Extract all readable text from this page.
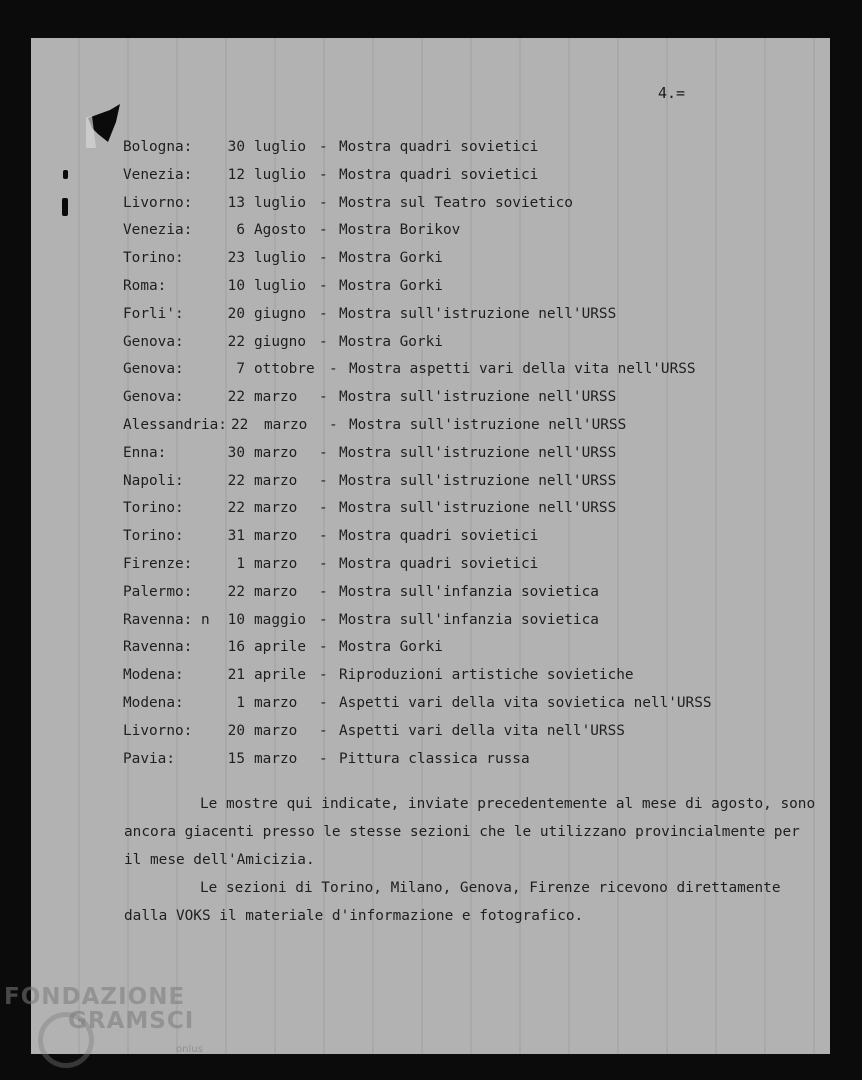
4.=
Bologna:	30 luglio - Mostra quadri sovietici
Venezia:	12 luglio - Mostra quadri sovietici
Livorno:	13 luglio - Mostra sul Teatro sovietico
Venezia:	6 Agosto - Mostra Borikov
Torino:	23 luglio - Mostra Gorki
Roma:	10 luglio - Mostra Gorki
Forli':	20 giugno - Mostra sull'istruzione nell'URSS
Genova:	22 giugno - Mostra Gorki
Genova:	7 ottobre - Mostra aspetti vari della vita nell'URSS
Genova:	22 marzo - Mostra sull'istruzione nell'URSS
Alessandria: 22	marzo - Mostra sull'istruzione nell'URSS
Enna:	30 marzo - Mostra sull'istruzione nell'URSS
Napoli:	22 marzo - Mostra sull'istruzione nell'URSS
Torino:	22 marzo - Mostra sull'istruzione nell'URSS
Torino:	31 marzo - Mostra quadri sovietici
Firenze:	1 marzo - Mostra quadri sovietici
Palermo:	22 marzo - Mostra sull'infanzia sovietica
Ravenna: n	10 maggio - Mostra sull'infanzia sovietica
Ravenna:	16 aprile - Mostra Gorki
Modena:	21 aprile - Riproduzioni artistiche sovietiche
Modena:	1 marzo - Aspetti vari della vita sovietica nell'URSS
Livorno:	20 marzo - Aspetti vari della vita nell'URSS
Pavia:	15 marzo - Pittura classica russa

Le mostre qui indicate, inviate precedentemente al mese di agosto, sono ancora giacenti presso le stesse sezioni che le utilizzano provincialmente per il mese dell'Amicizia.
Le sezioni di Torino, Milano, Genova, Firenze ricevono direttamente dalla VOKS il materiale d'informazione e fotografico.

FONDAZIONE
GRAMSCI
onlus
